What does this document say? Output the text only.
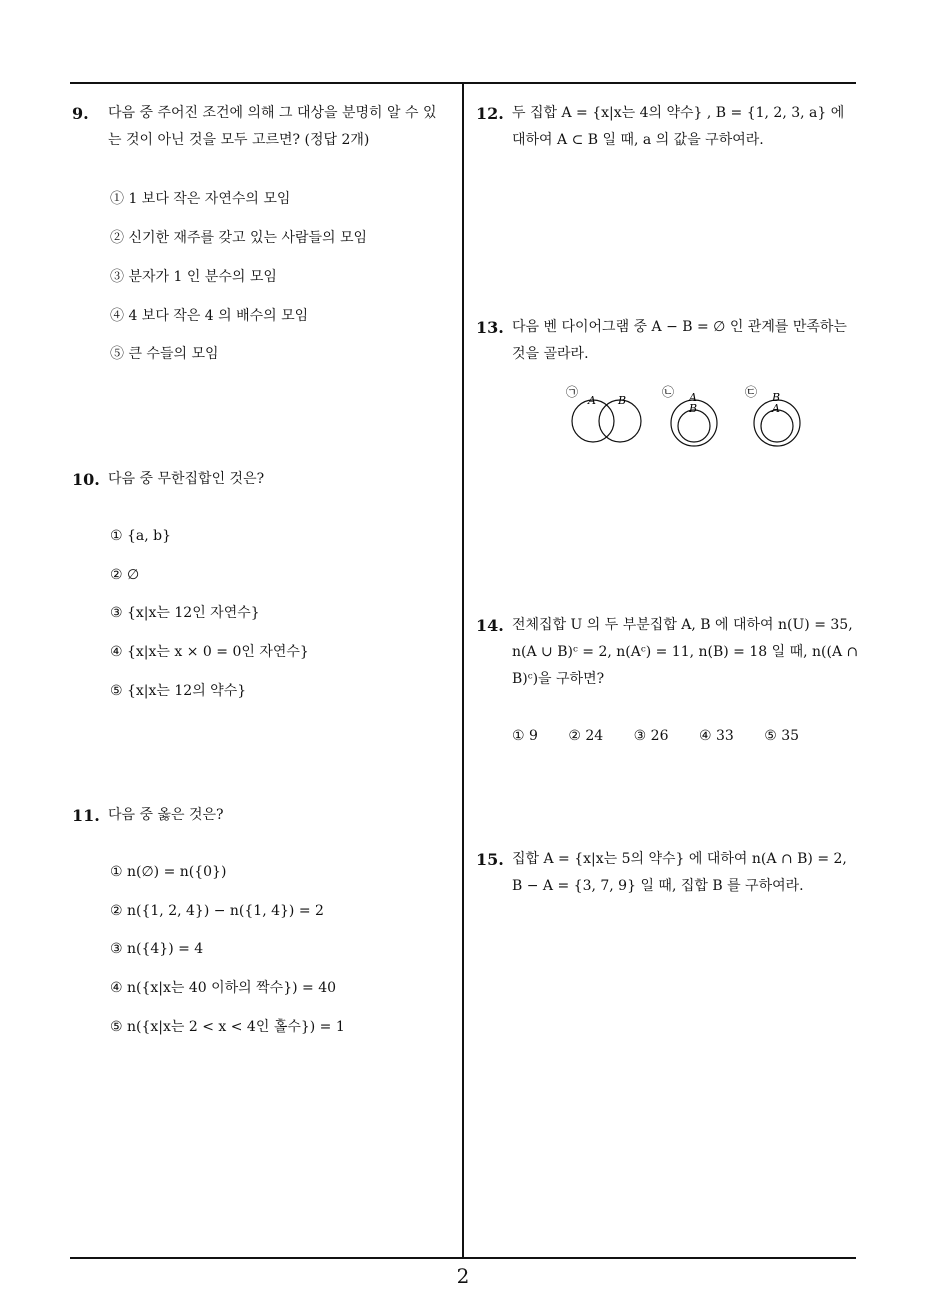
9. 다음 중 주어진 조건에 의해 그 대상을 분명히 알 수 있는 것이 아닌 것을 모두 고르면? (정답 2개)
① 1 보다 작은 자연수의 모임
② 신기한 재주를 갖고 있는 사람들의 모임
③ 분자가 1 인 분수의 모임
④ 4 보다 작은 4 의 배수의 모임
⑤ 큰 수들의 모임
10. 다음 중 무한집합인 것은?
① {a, b}
② ∅
③ {x|x는 12인 자연수}
④ {x|x는 x × 0 = 0인 자연수}
⑤ {x|x는 12의 약수}
11. 다음 중 옳은 것은?
① n(∅) = n({0})
② n({1, 2, 4}) − n({1, 4}) = 2
③ n({4}) = 4
④ n({x|x는 40 이하의 짝수}) = 40
⑤ n({x|x는 2 < x < 4인 홀수}) = 1
12. 두 집합 A = {x|x는 4의 약수} , B = {1, 2, 3, a} 에 대하여 A ⊂ B 일 때, a 의 값을 구하여라.
13. 다음 벤 다이어그램 중 A − B = ∅ 인 관계를 만족하는 것을 골라라.
㉠
A B
㉡ A
B
㉢ B
A
14. 전체집합 U 의 두 부분집합 A, B 에 대하여 n(U) = 35, n(A ∪ B)ᶜ = 2, n(Aᶜ) = 11, n(B) = 18 일 때, n((A ∩ B)ᶜ)을 구하면?
① 9 ② 24 ③ 26 ④ 33 ⑤ 35
15. 집합 A = {x|x는 5의 약수} 에 대하여 n(A ∩ B) = 2, B − A = {3, 7, 9} 일 때, 집합 B 를 구하여라.
2
